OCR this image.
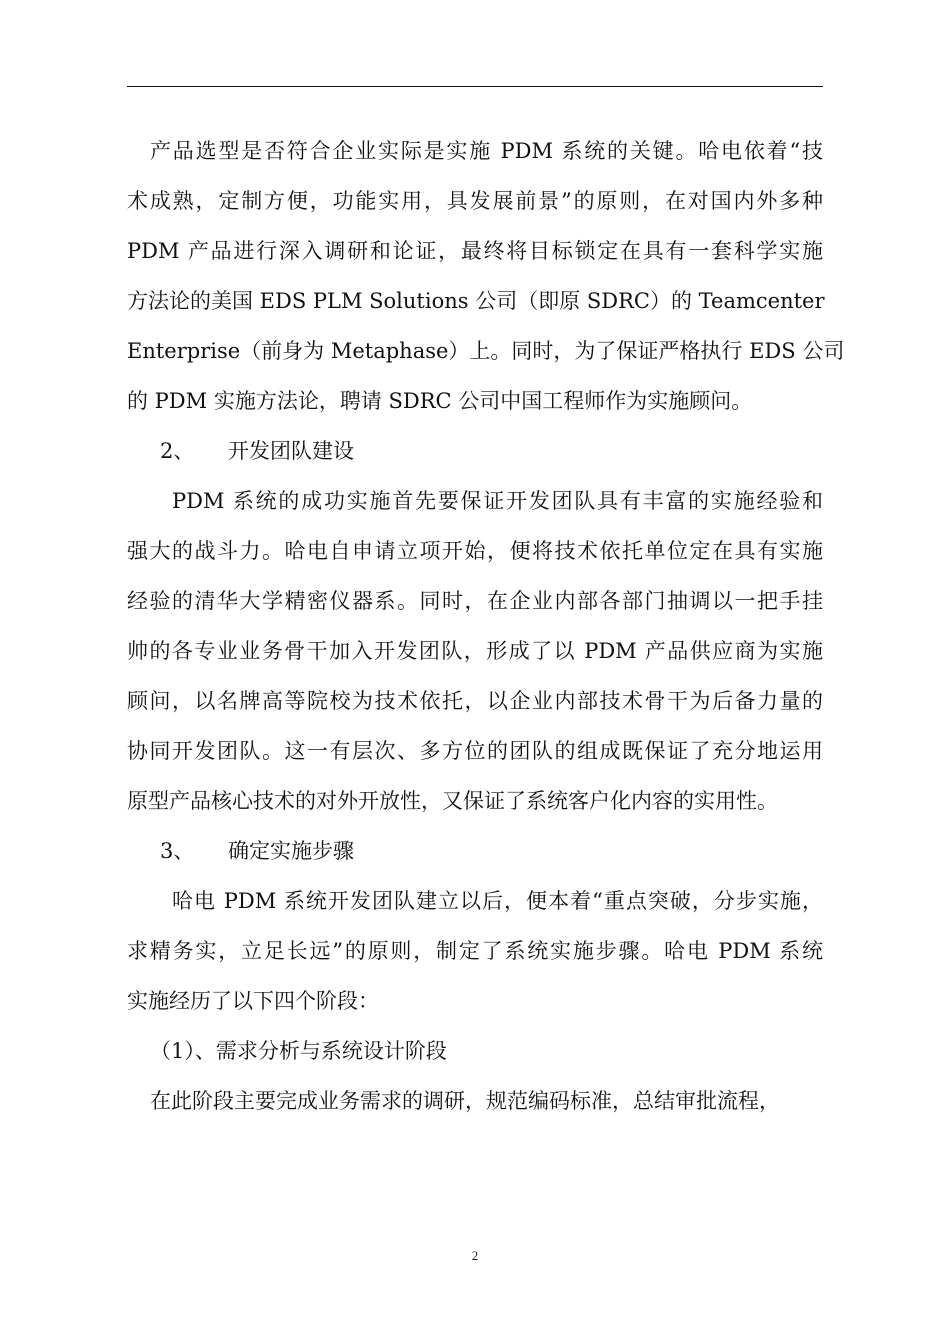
产品选型是否符合企业实际是实施 PDM 系统的关键。哈电依着“技
术成熟，定制方便，功能实用，具发展前景”的原则，在对国内外多种
PDM 产品进行深入调研和论证，最终将目标锁定在具有一套科学实施
方法论的美国 EDS PLM Solutions 公司（即原 SDRC）的 Teamcenter
Enterprise（前身为 Metaphase）上。同时，为了保证严格执行 EDS 公司
的 PDM 实施方法论，聘请 SDRC 公司中国工程师作为实施顾问。
2、 开发团队建设
PDM 系统的成功实施首先要保证开发团队具有丰富的实施经验和
强大的战斗力。哈电自申请立项开始，便将技术依托单位定在具有实施
经验的清华大学精密仪器系。同时，在企业内部各部门抽调以一把手挂
帅的各专业业务骨干加入开发团队，形成了以 PDM 产品供应商为实施
顾问，以名牌高等院校为技术依托，以企业内部技术骨干为后备力量的
协同开发团队。这一有层次、多方位的团队的组成既保证了充分地运用
原型产品核心技术的对外开放性，又保证了系统客户化内容的实用性。
3、 确定实施步骤
哈电 PDM 系统开发团队建立以后，便本着“重点突破，分步实施，
求精务实，立足长远”的原则，制定了系统实施步骤。哈电 PDM 系统
实施经历了以下四个阶段：
（1）、需求分析与系统设计阶段
在此阶段主要完成业务需求的调研，规范编码标准，总结审批流程，
2
